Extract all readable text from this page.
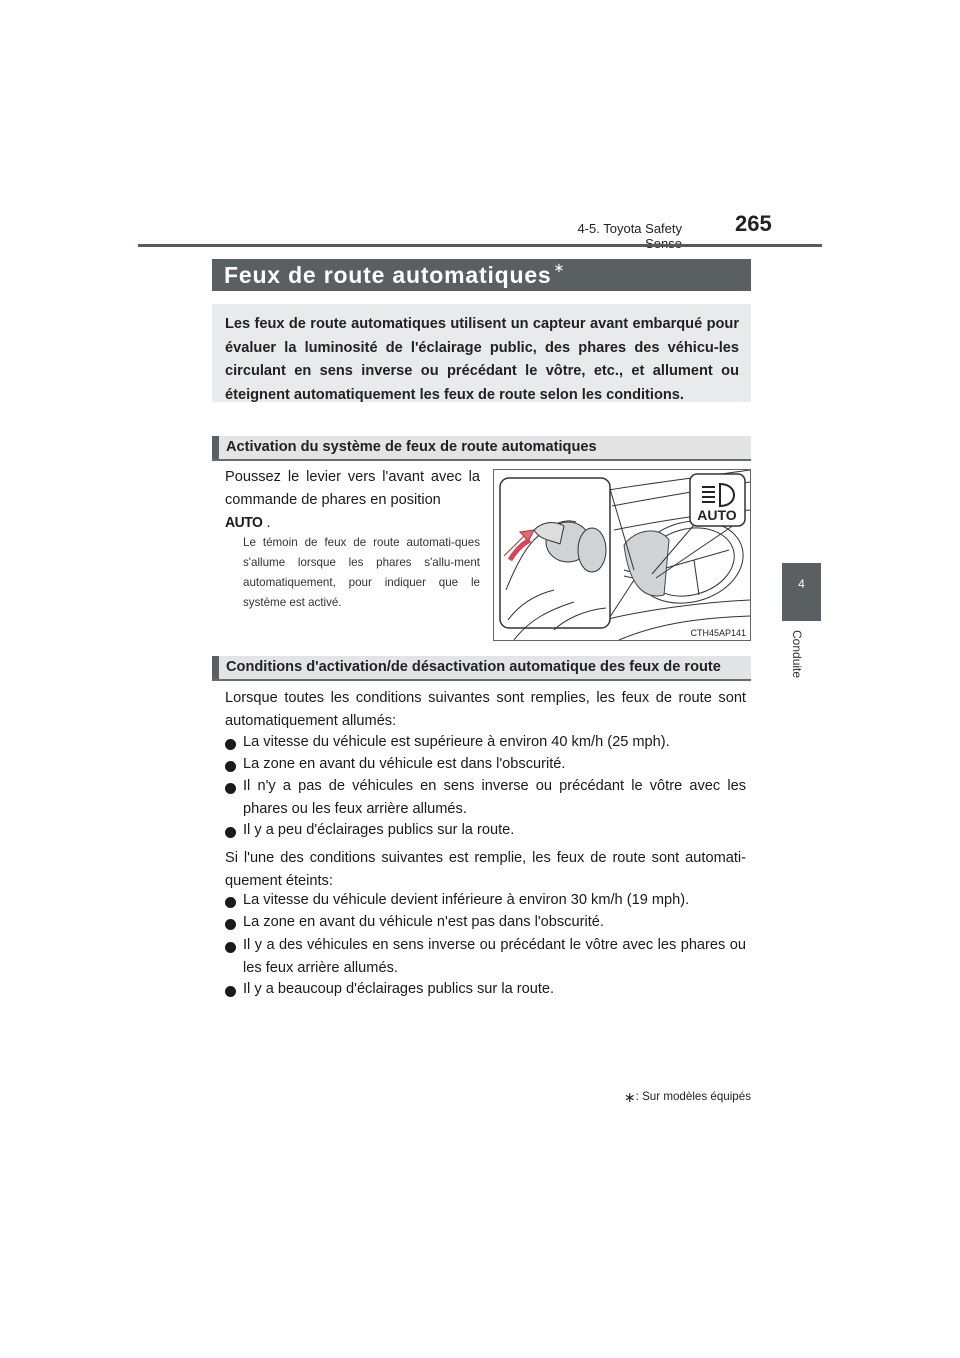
4-5. Toyota Safety 265
4
Conduite
Feux de route automatiques ∗
Les feux de route automatiques utilisent un capteur avant embarqué pour évaluer la luminosité de l'éclairage public, des phares des véhicu-les circulant en sens inverse ou précédant le vôtre, etc., et allument ou éteignent automatiquement les feux de route selon les conditions.
Activation du système de feux de route automatiques
Poussez le levier vers l'avant avec la commande de phares en position
AUTO .
Le témoin de feux de route automati-ques s'allume lorsque les phares s'allu-ment automatiquement, pour indiquer que le système est activé.
AUTO
CTH45AP141
Conditions d'activation/de désactivation automatique des feux de route
Lorsque toutes les conditions suivantes sont remplies, les feux de route sont automatiquement allumés:
La vitesse du véhicule est supérieure à environ 40 km/h (25 mph).
La zone en avant du véhicule est dans l'obscurité.
Il n'y a pas de véhicules en sens inverse ou précédant le vôtre avec les phares ou les feux arrière allumés.
Il y a peu d'éclairages publics sur la route.
Si l'une des conditions suivantes est remplie, les feux de route sont automati-quement éteints:
La vitesse du véhicule devient inférieure à environ 30 km/h (19 mph).
La zone en avant du véhicule n'est pas dans l'obscurité.
Il y a des véhicules en sens inverse ou précédant le vôtre avec les phares ou les feux arrière allumés.
Il y a beaucoup d'éclairages publics sur la route.
∗: Sur modèles équipés
